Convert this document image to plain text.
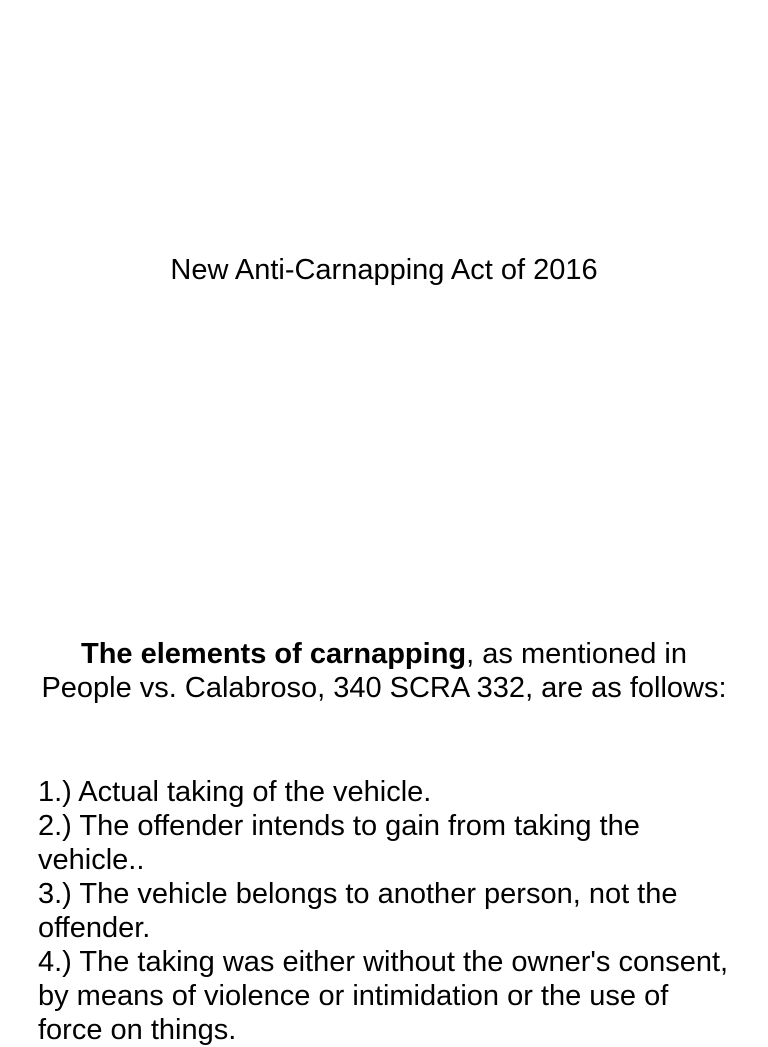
New Anti-Carnapping Act of 2016
The elements of carnapping, as mentioned in People vs. Calabroso, 340 SCRA 332, are as follows:
1.) Actual taking of the vehicle.
2.) The offender intends to gain from taking the vehicle..
3.) The vehicle belongs to another person, not the offender.
4.) The taking was either without the owner's consent, by means of violence or intimidation or the use of force on things.
